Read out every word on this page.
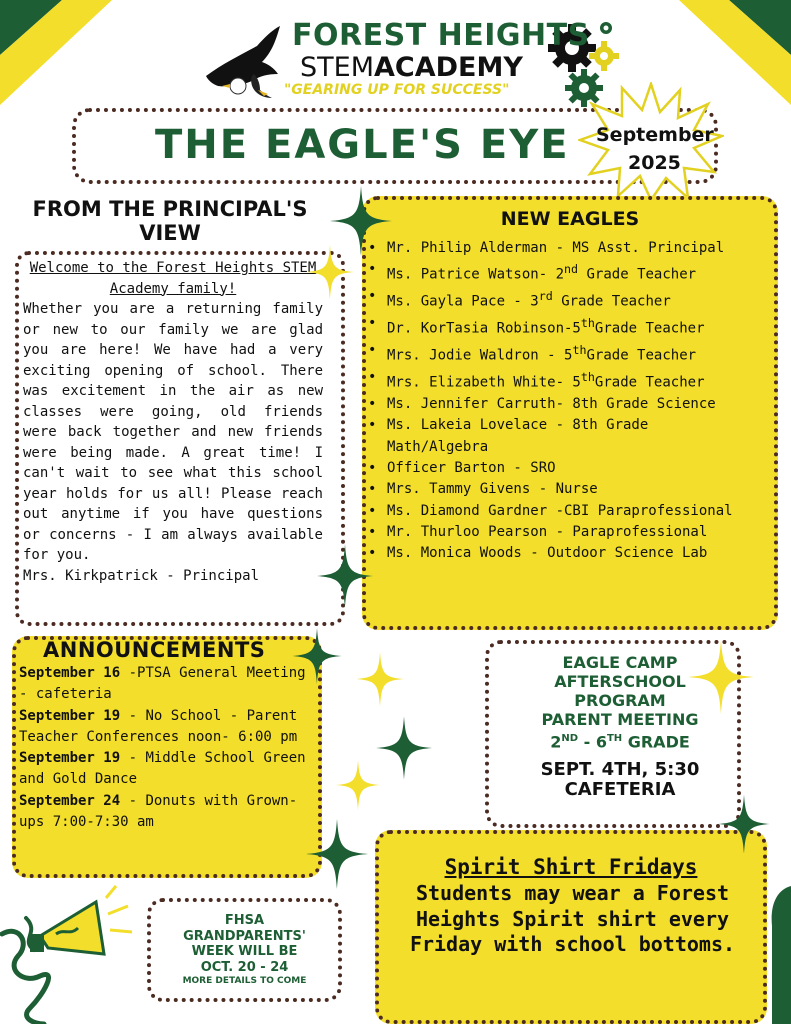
FOREST HEIGHTS
STEMACADEMY
"GEARING UP FOR SUCCESS"
THE EAGLE'S EYE September
2025
FROM THE PRINCIPAL'S VIEW
Welcome to the Forest Heights STEM Academy family!
Whether you are a returning family or new to our family we are glad you are here! We have had a very exciting opening of school. There was excitement in the air as new classes were going, old friends were back together and new friends were being made. A great time! I can't wait to see what this school year holds for us all! Please reach out anytime if you have questions or concerns - I am always available for you.
Mrs. Kirkpatrick - Principal
NEW EAGLES
• Mr. Philip Alderman - MS Asst. Principal
• Ms. Patrice Watson- 2nd Grade Teacher
• Ms. Gayla Pace - 3rd Grade Teacher
• Dr. KorTasia Robinson-5thGrade Teacher
• Mrs. Jodie Waldron - 5thGrade Teacher
• Mrs. Elizabeth White- 5thGrade Teacher
• Ms. Jennifer Carruth- 8th Grade Science
• Ms. Lakeia Lovelace - 8th Grade
Math/Algebra
• Officer Barton - SRO
• Mrs. Tammy Givens - Nurse
• Ms. Diamond Gardner -CBI Paraprofessional
• Mr. Thurloo Pearson - Paraprofessional
• Ms. Monica Woods - Outdoor Science Lab
ANNOUNCEMENTS
September 16 -PTSA General Meeting - cafeteria
September 19 - No School - Parent Teacher Conferences noon- 6:00 pm
September 19 - Middle School Green and Gold Dance
September 24 - Donuts with Grown-ups 7:00-7:30 am
EAGLE CAMP
AFTERSCHOOL
PROGRAM
PARENT MEETING
2ND - 6TH GRADE
SEPT. 4TH, 5:30
CAFETERIA
Spirit Shirt Fridays
Students may wear a Forest Heights Spirit shirt every Friday with school bottoms.
FHSA
GRANDPARENTS'
WEEK WILL BE
OCT. 20 - 24
MORE DETAILS TO COME
